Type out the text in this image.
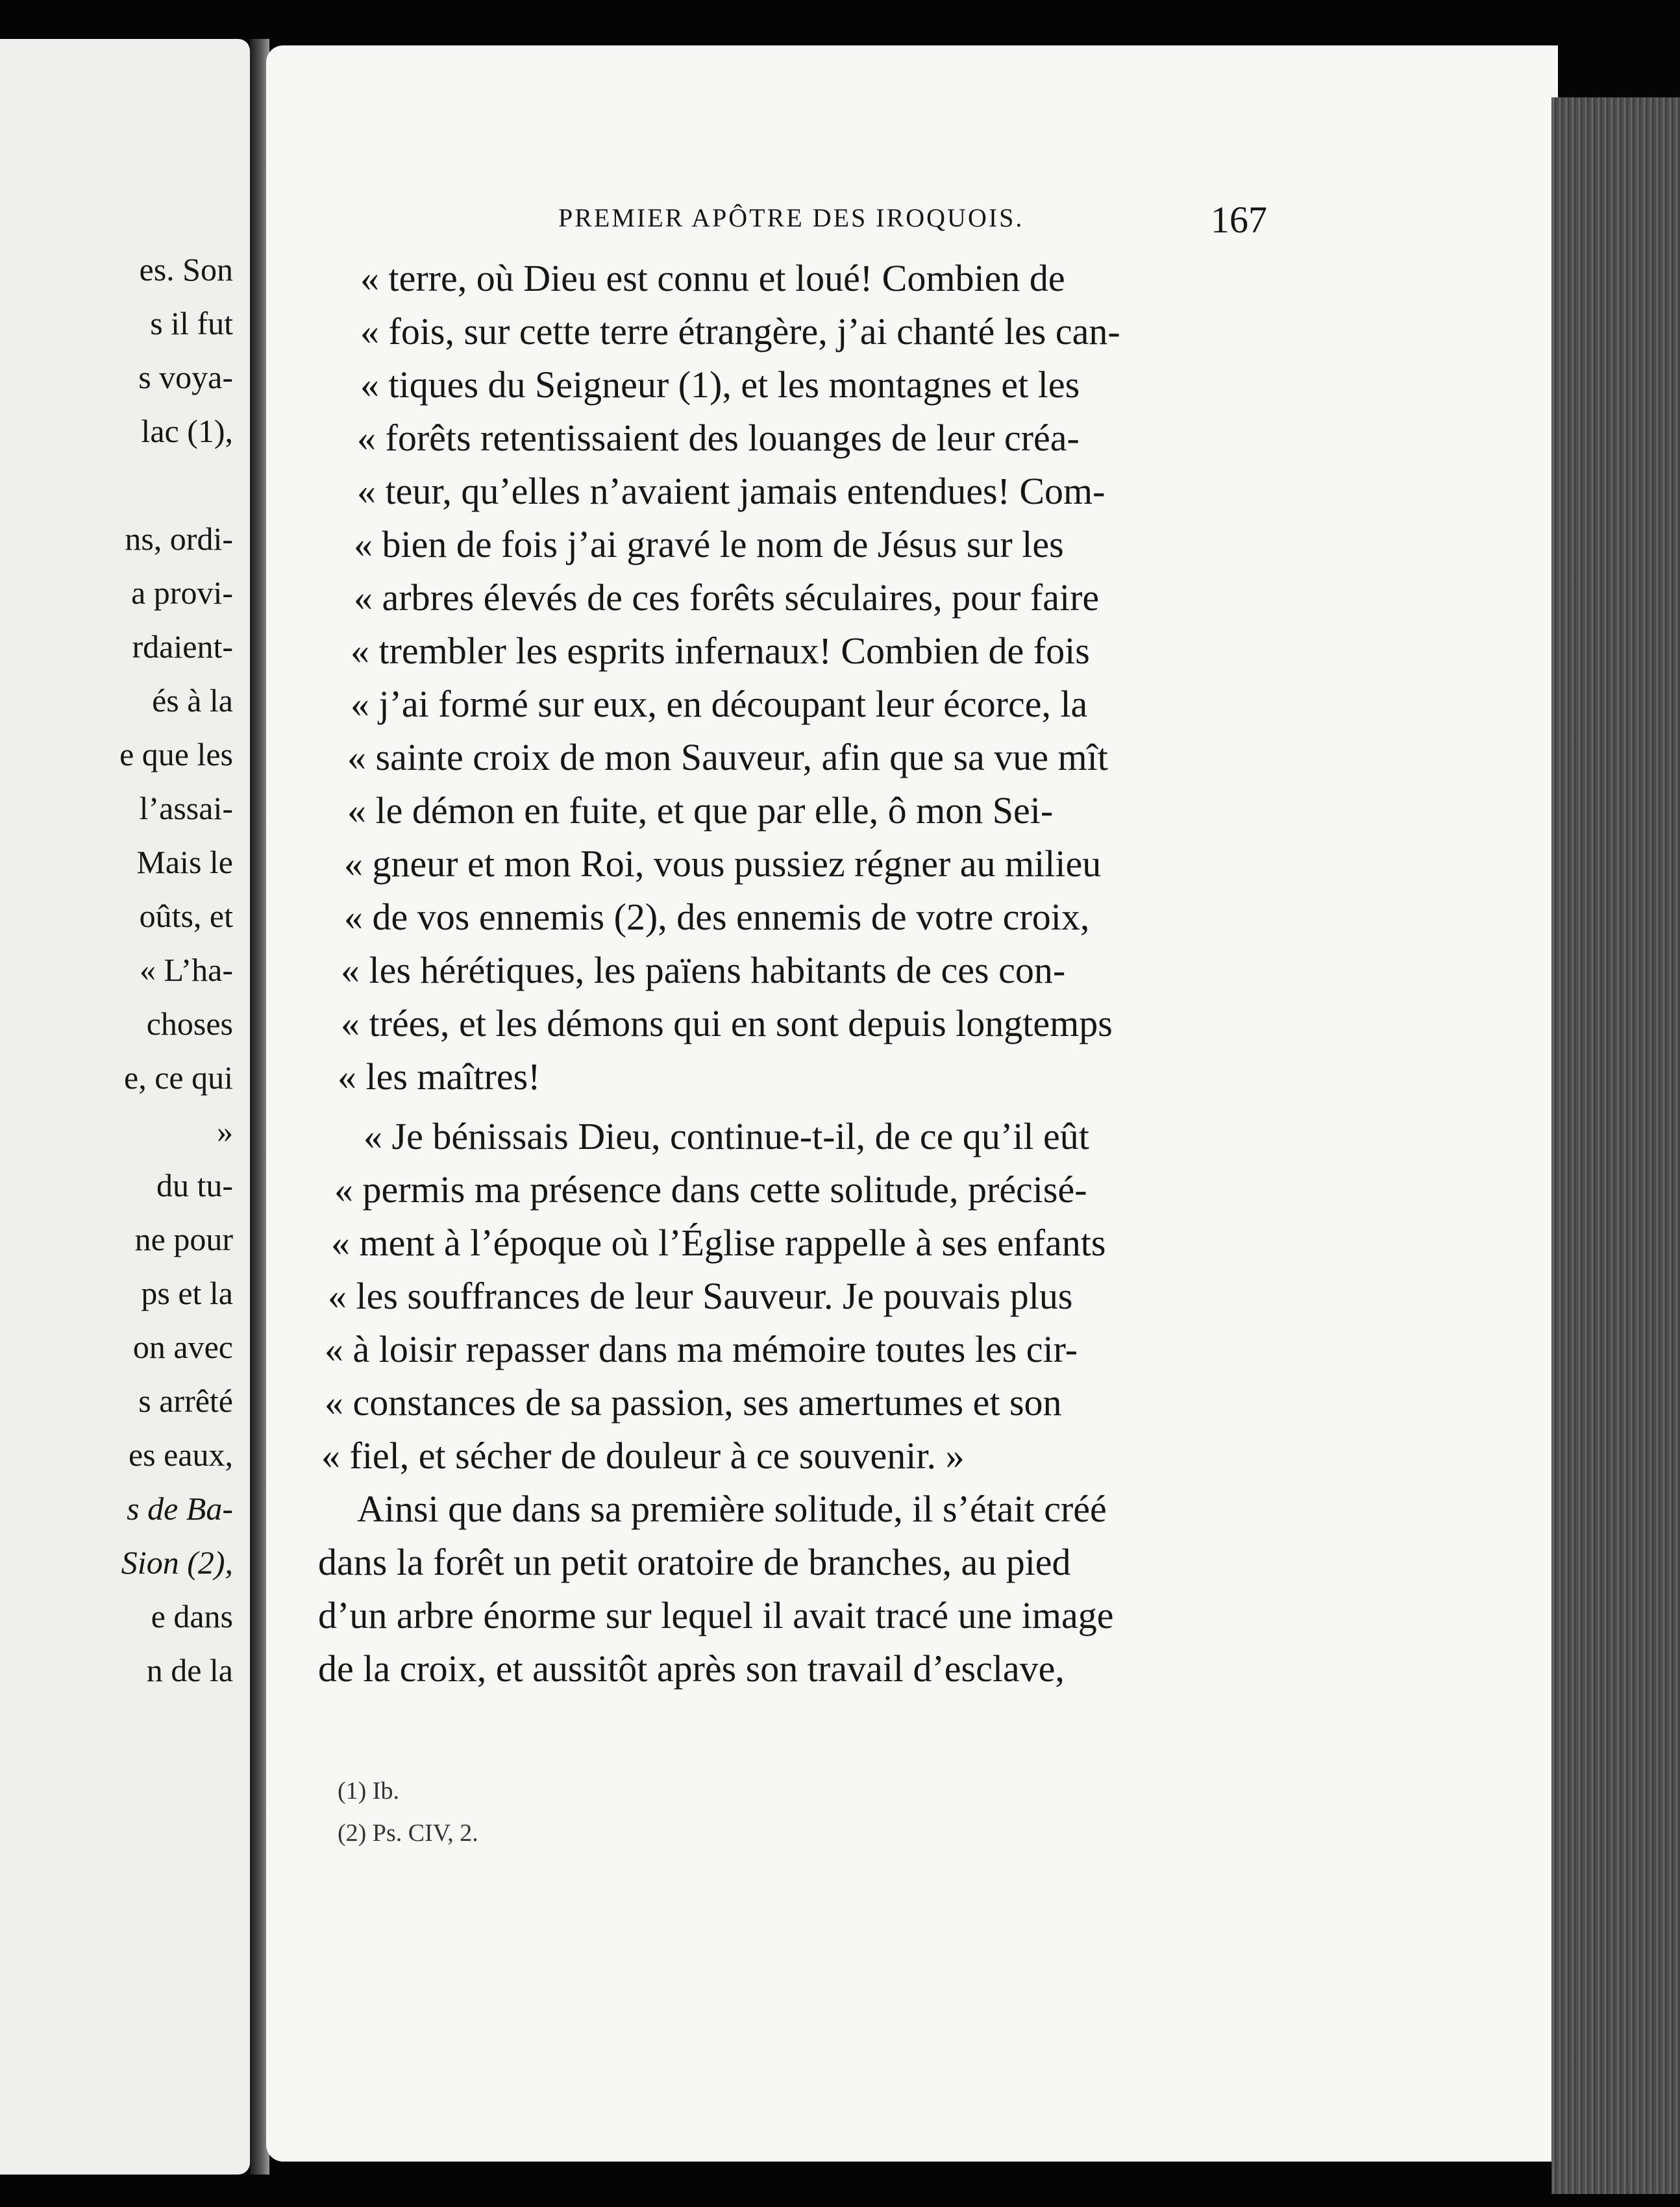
es. Son
s il fut
s voya-
lac (1),
ns, ordi-
a provi-
rdaient-
és à la
e que les
l’assai-
Mais le
oûts, et
« L’ha-
choses
e, ce qui
»
du tu-
ne pour
ps et la
on avec
s arrêté
es eaux,
s de Ba-
Sion (2),
e dans
n de la
PREMIER APÔTRE DES IROQUOIS.	167
« terre, où Dieu est connu et loué! Combien de
« fois, sur cette terre étrangère, j’ai chanté les can-
« tiques du Seigneur (1), et les montagnes et les
« forêts retentissaient des louanges de leur créa-
« teur, qu’elles n’avaient jamais entendues! Com-
« bien de fois j’ai gravé le nom de Jésus sur les
« arbres élevés de ces forêts séculaires, pour faire
« trembler les esprits infernaux! Combien de fois
« j’ai formé sur eux, en découpant leur écorce, la
« sainte croix de mon Sauveur, afin que sa vue mît
« le démon en fuite, et que par elle, ô mon Sei-
« gneur et mon Roi, vous pussiez régner au milieu
« de vos ennemis (2), des ennemis de votre croix,
« les hérétiques, les païens habitants de ces con-
« trées, et les démons qui en sont depuis longtemps
« les maîtres!
« Je bénissais Dieu, continue-t-il, de ce qu’il eût
« permis ma présence dans cette solitude, précisé-
« ment à l’époque où l’Église rappelle à ses enfants
« les souffrances de leur Sauveur. Je pouvais plus
« à loisir repasser dans ma mémoire toutes les cir-
« constances de sa passion, ses amertumes et son
« fiel, et sécher de douleur à ce souvenir. »
Ainsi que dans sa première solitude, il s’était créé
dans la forêt un petit oratoire de branches, au pied
d’un arbre énorme sur lequel il avait tracé une image
de la croix, et aussitôt après son travail d’esclave,
(1) Ib.
(2) Ps. CIV, 2.
